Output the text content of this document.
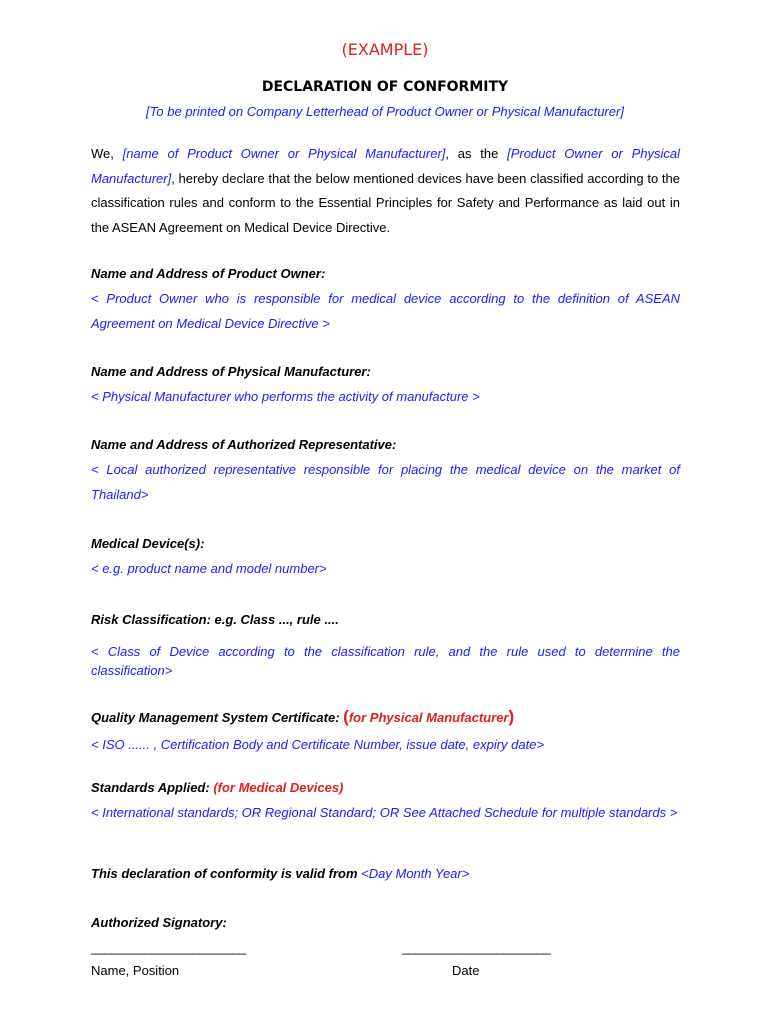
(EXAMPLE)
DECLARATION OF CONFORMITY
[To be printed on Company Letterhead of Product Owner or Physical Manufacturer]

We, [name of Product Owner or Physical Manufacturer], as the [Product Owner or Physical Manufacturer], hereby declare that the below mentioned devices have been classified according to the classification rules and conform to the Essential Principles for Safety and Performance as laid out in the ASEAN Agreement on Medical Device Directive.

Name and Address of Product Owner:

< Product Owner who is responsible for medical device according to the definition of ASEAN Agreement on Medical Device Directive >

Name and Address of Physical Manufacturer:

< Physical Manufacturer who performs the activity of manufacture >

Name and Address of Authorized Representative:

< Local authorized representative responsible for placing the medical device on the market of Thailand>

Medical Device(s):

< e.g. product name and model number>

Risk Classification: e.g. Class ..., rule ....

< Class of Device according to the classification rule, and the rule used to determine the classification>

Quality Management System Certificate: (for Physical Manufacturer)

< ISO ...... , Certification Body and Certificate Number, issue date, expiry date>

Standards Applied: (for Medical Devices)

< International standards; OR Regional Standard; OR See Attached Schedule for multiple standards >

This declaration of conformity is valid from <Day Month Year>
Authorized Signatory:
_______________________	______________________
Name, Position	Date
